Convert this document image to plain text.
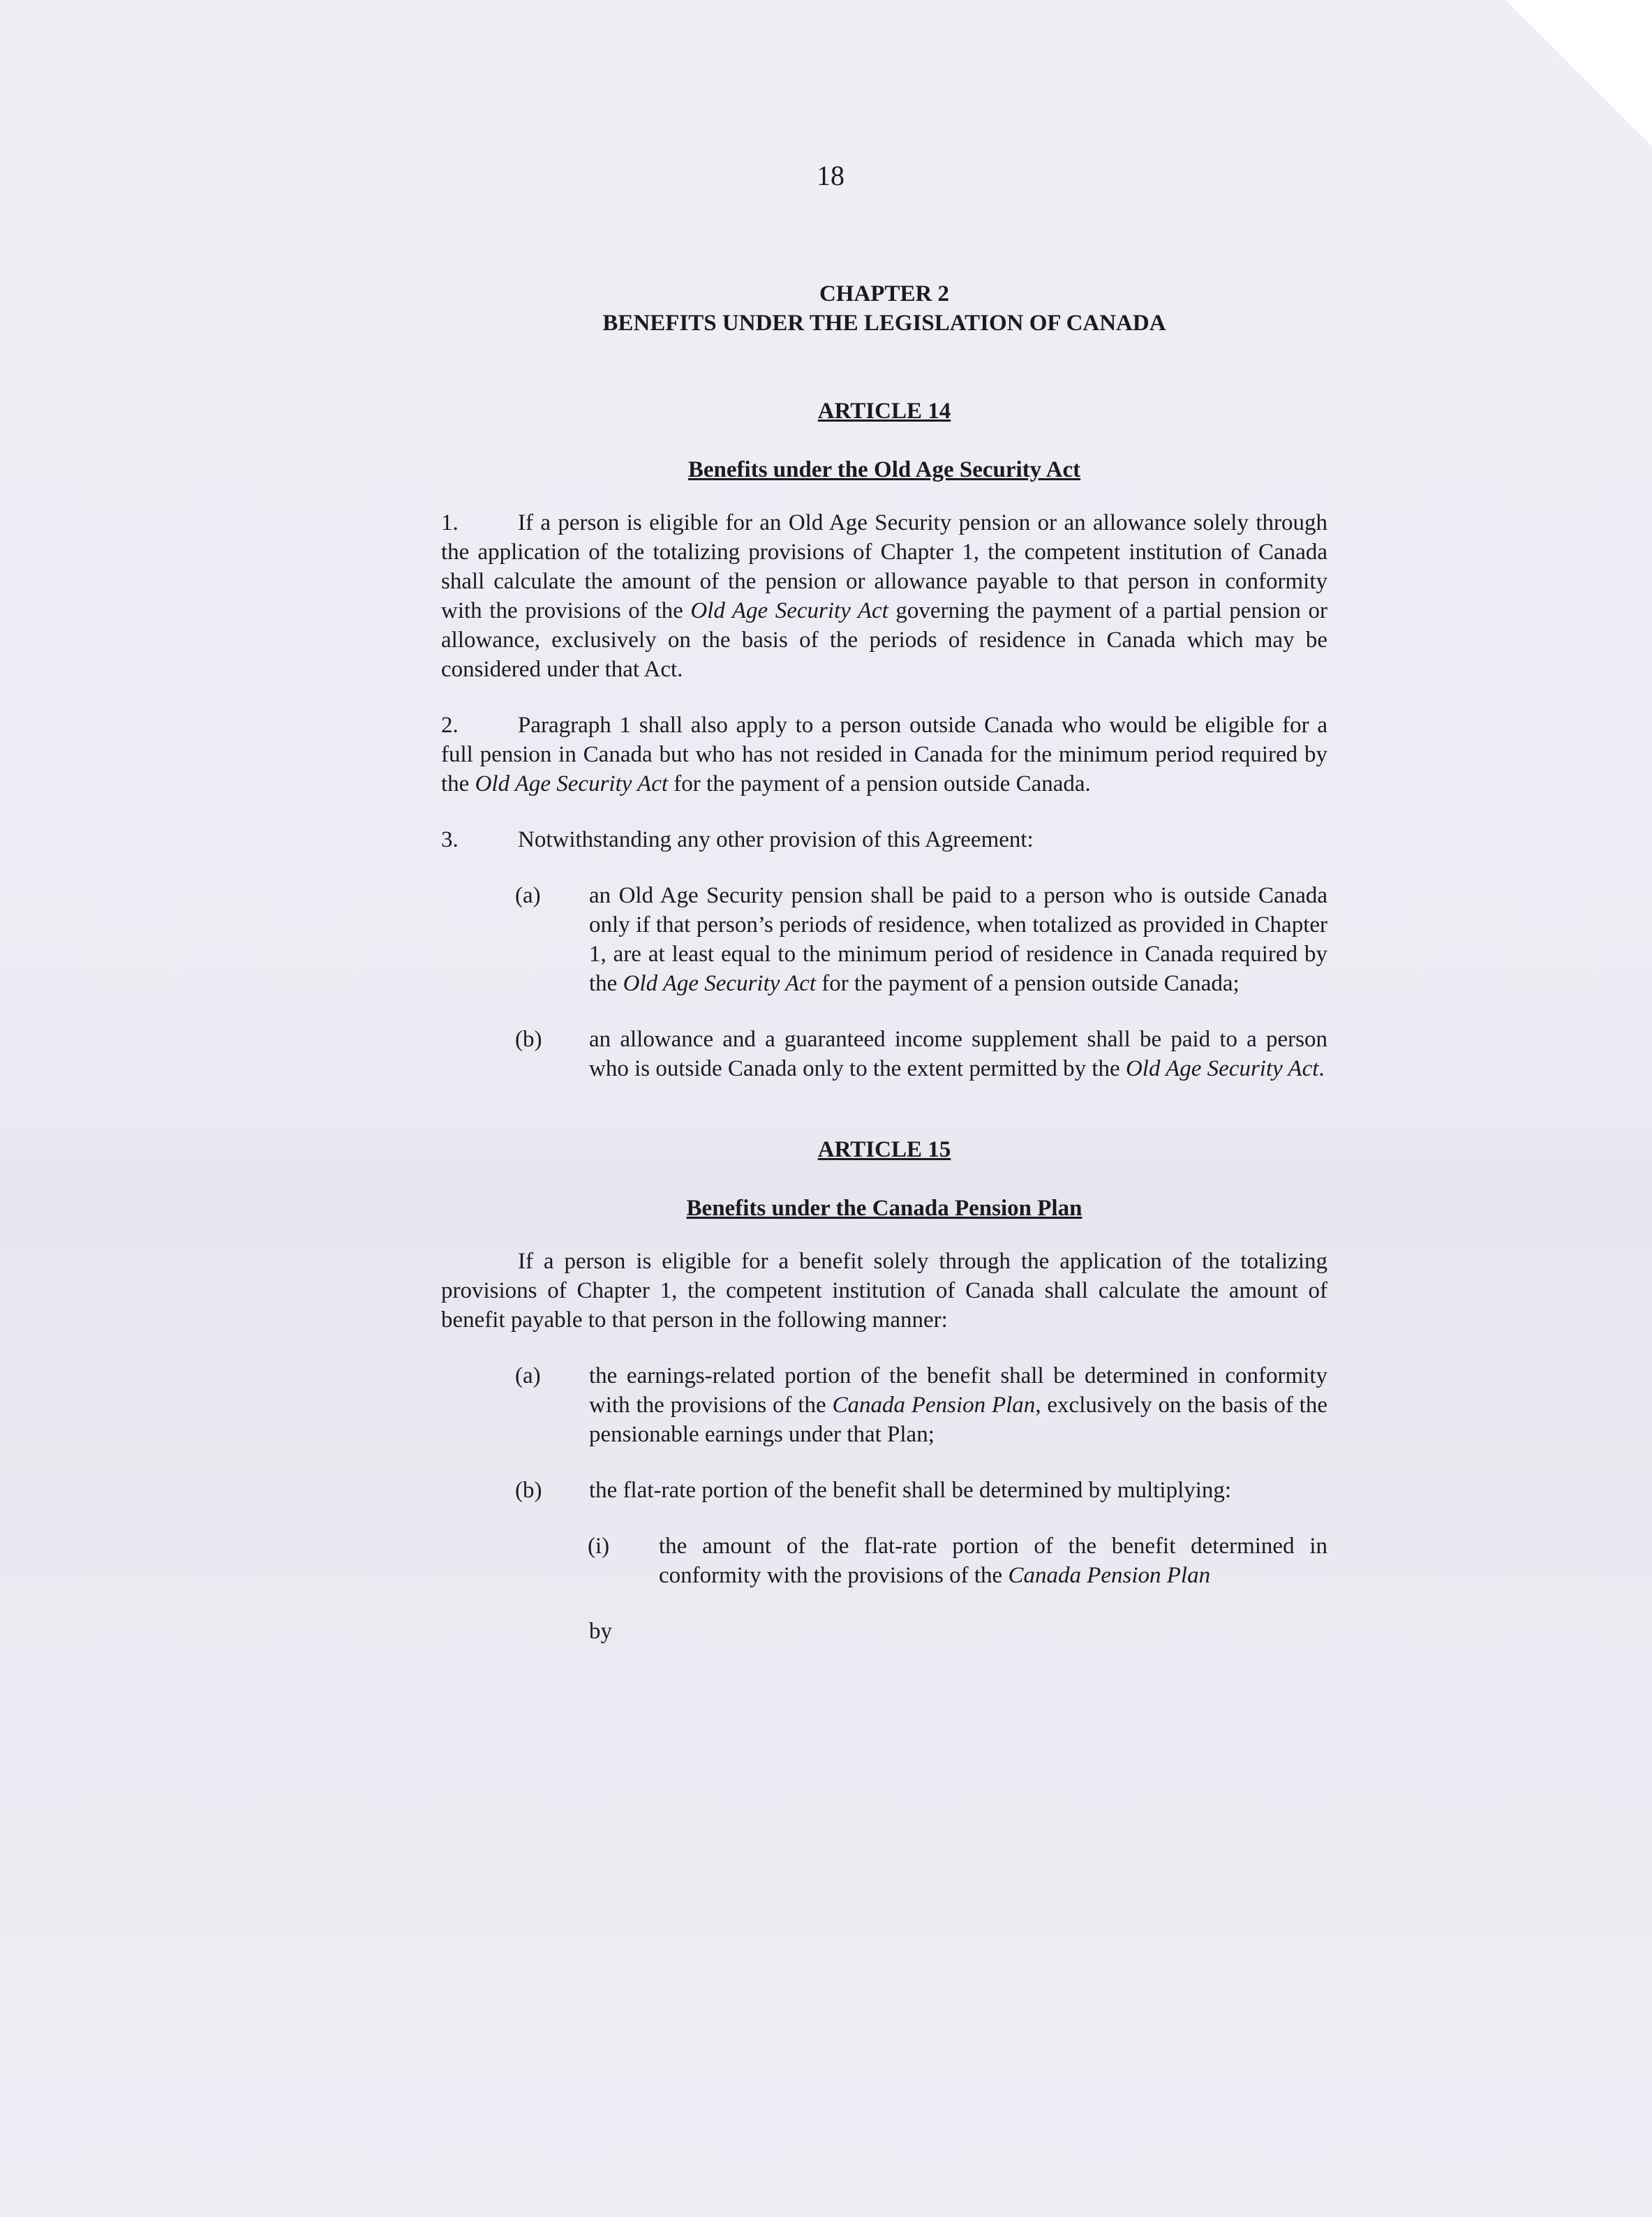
18
CHAPTER 2
BENEFITS UNDER THE LEGISLATION OF CANADA
ARTICLE 14
Benefits under the Old Age Security Act

1.	If a person is eligible for an Old Age Security pension or an allowance solely through the application of the totalizing provisions of Chapter 1, the competent institution of Canada shall calculate the amount of the pension or allowance payable to that person in conformity with the provisions of the Old Age Security Act governing the payment of a partial pension or allowance, exclusively on the basis of the periods of residence in Canada which may be considered under that Act.

2.	Paragraph 1 shall also apply to a person outside Canada who would be eligible for a full pension in Canada but who has not resided in Canada for the minimum period required by the Old Age Security Act for the payment of a pension outside Canada.

3.	Notwithstanding any other provision of this Agreement:

(a) an Old Age Security pension shall be paid to a person who is outside Canada only if that person’s periods of residence, when totalized as provided in Chapter 1, are at least equal to the minimum period of residence in Canada required by the Old Age Security Act for the payment of a pension outside Canada;
(b) an allowance and a guaranteed income supplement shall be paid to a person who is outside Canada only to the extent permitted by the Old Age Security Act.
ARTICLE 15
Benefits under the Canada Pension Plan

If a person is eligible for a benefit solely through the application of the totalizing provisions of Chapter 1, the competent institution of Canada shall calculate the amount of benefit payable to that person in the following manner:

(a) the earnings-related portion of the benefit shall be determined in conformity with the provisions of the Canada Pension Plan, exclusively on the basis of the pensionable earnings under that Plan;
(b) the flat-rate portion of the benefit shall be determined by multiplying:
(i) the amount of the flat-rate portion of the benefit determined in conformity with the provisions of the Canada Pension Plan
by
